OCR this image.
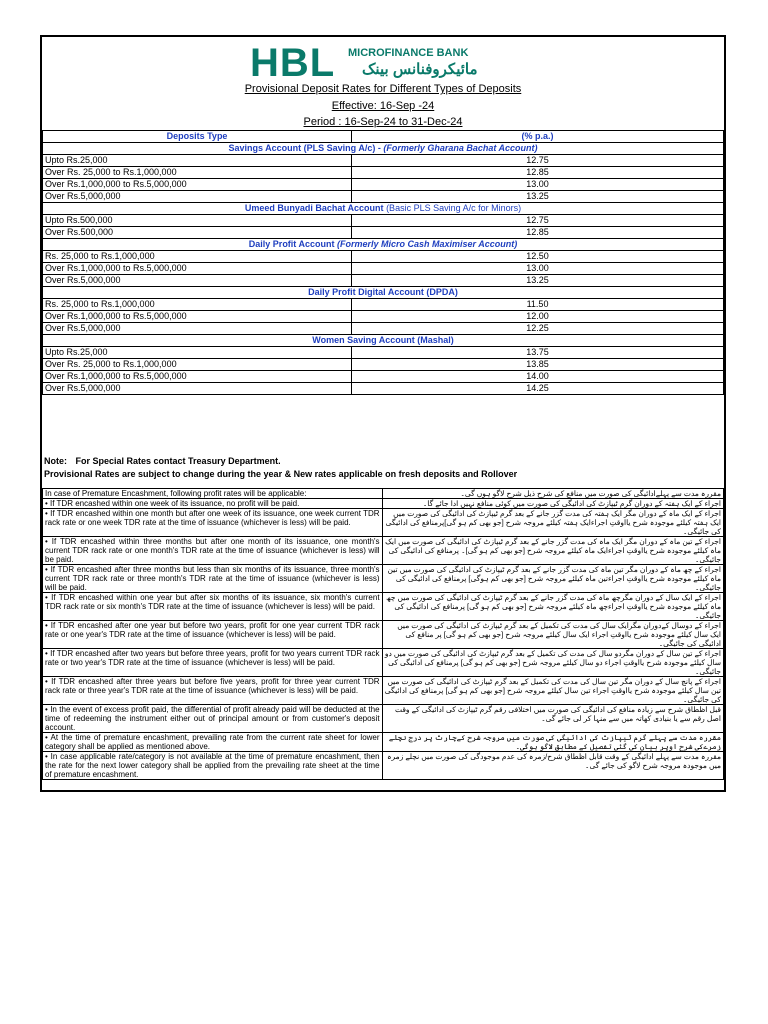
HBL MICROFINANCE BANK
مائیکروفنانس بینک
Provisional Deposit Rates for Different Types of Deposits
Effective: 16-Sep -24
Period : 16-Sep-24 to 31-Dec-24
Deposits Type	(% p.a.)
Savings Account (PLS Saving A/c) - (Formerly Gharana Bachat Account)	
Upto Rs.25,000	12.75
Over Rs. 25,000 to Rs.1,000,000	12.85
Over Rs.1,000,000 to Rs.5,000,000	13.00
Over Rs.5,000,000	13.25
Umeed Bunyadi Bachat Account (Basic PLS Saving A/c for Minors)	
Upto Rs.500,000	12.75
Over Rs.500,000	12.85
Daily Profit Account (Formerly Micro Cash Maximiser Account)	
Rs. 25,000 to Rs.1,000,000	12.50
Over Rs.1,000,000 to Rs.5,000,000	13.00
Over Rs.5,000,000	13.25
Daily Profit Digital Account (DPDA)	
Rs. 25,000 to Rs.1,000,000	11.50
Over Rs.1,000,000 to Rs.5,000,000	12.00
Over Rs.5,000,000	12.25
Women Saving Account (Mashal)	
Upto Rs.25,000	13.75
Over Rs. 25,000 to Rs.1,000,000	13.85
Over Rs.1,000,000 to Rs.5,000,000	14.00
Over Rs.5,000,000	14.25
Note: For Special Rates contact Treasury Department.
Provisional Rates are subject to change during the year & New rates applicable on fresh deposits and Rollover
In case of Premature Encashment, following profit rates will be applicable:	مقررہ مدت سے پہلےادائیگی کی صورت میں منافع کی شرح ذیل شرح لاگو ہوں گی۔
• If TDR encashed within one week of its issuance, no profit will be paid.	اجراء کے ایک ہفتہ کے دوران گرم ٹیپازٹ کی ادائیگی کی صورت میں کوئی منافع نہیں ادا جائے گا۔
• If TDR encashed within one month but after one week of its issuance, one week current TDR rack rate or one week TDR rate at the time of issuance (whichever is less) will be paid.	اجراء کے ایک ماہ کے دوران مگر ایک ہفتہ کی مدت گزر جانے کے بعد گرم ٹیپازٹ کی ادائیگی کی صورت میں ایک ہفتہ کیلئے موجودہ شرح یااوقتِ اجراءایک ہفتہ کیلئے مروجہ شرح [جو بھی کم ہو گی]پرمنافع کی ادائیگی کی جائیگی۔
• If TDR encashed within three months but after one month of its issuance, one month's current TDR rack rate or one month's TDR rate at the time of issuance (whichever is less) will be paid.	اجراء کے تین ماہ کے دوران مگر ایک ماہ کی مدت گزر جانے کے بعد گرم ٹیپازٹ کی ادائیگی کی صورت میں ایک ماہ کیلئے موجودہ شرح یااوقتِ اجراءایک ماہ کیلئے مروجہ شرح [جو بھی کم ہو گی]۔ پرمنافع کی ادائیگی کی جائیگی۔
• If TDR encashed after three months but less than six months of its issuance, three month's current TDR rack rate or three month's TDR rate at the time of issuance (whichever is less) will be paid.	اجراء کے چھ ماہ کے دوران مگر تین ماہ کی مدت گزر جانے کے بعد گرم ٹیپازٹ کی ادائیگی کی صورت میں تین ماہ کیلئے موجودہ شرح یااوقتِ اجراءتین ماہ کیلئے مروجہ شرح [جو بھی کم ہوگی] پرمنافع کی ادائیگی کی جائیگی۔
• If TDR encashed within one year but after six months of its issuance, six month's current TDR rack rate or six month's TDR rate at the time of issuance (whichever is less) will be paid.	اجراء کے ایک سال کے دوران مگرچھ ماہ کی مدت گزر جانے کے بعد گرم ٹیپازٹ کی ادائیگی کی صورت میں چھ ماہ کیلئے موجودہ شرح یااوقتِ اجراءچھ ماہ کیلئے مروجہ شرح [جو بھی کم ہو گی] پرمنافع کی ادائیگی کی جائیگی۔
• If TDR encashed after one year but before two years, profit for one year current TDR rack rate or one year's TDR rate at the time of issuance (whichever is less) will be paid.	اجراء کے دوسال کےدوران مگرایک سال کی مدت کی تکمیل کے بعد گرم ٹیپازٹ کی ادائیگی کی صورت میں ایک سال کیلئے موجودہ شرح یااوقتِ اجراء ایک سال کیلئے مروجہ شرح [جو بھی کم ہو گی] پر منافع کی ادائیگی کی جائیگی۔
• If TDR encashed after two years but before three years, profit for two years current TDR rack rate or two year's TDR rate at the time of issuance (whichever is less) will be paid.	اجراء کے تین سال کے دوران مگردو سال کی مدت کی تکمیل کے بعد گرم ٹیپازٹ کی ادائیگی کی صورت میں دو سال کیلئے موجودہ شرح یااوقتِ اجراء دو سال کیلئے مروجہ شرح [جو بھی کم ہو گی] پرمنافع کی ادائیگی کی جائیگی۔
• If TDR encashed after three years but before five years, profit for three year current TDR rack rate or three year's TDR rate at the time of issuance (whichever is less) will be paid.	اجراء کے پانچ سال کے دوران مگر تین سال کی مدت کی تکمیل کے بعد گرم ٹیپازٹ کی ادائیگی کی صورت میں تین سال کیلئے موجودہ شرح یااوقتِ اجراء تین سال کیلئے مروجہ شرح [جو بھی کم ہو گی] پرمنافع کی ادائیگی کی جائیگی۔
• In the event of excess profit paid, the differential of profit already paid will be deducted at the time of redeeming the instrument either out of principal amount or from customer's deposit account.	قبل اظطاق شرح سے زیادہ منافع کی ادائیگی کی صورت میں اختلافی رقم گرم ٹیپازٹ کی ادائیگی کے وقت اصل رقم سے یا بنیادی کھاتہ میں سے منہا کر لی جائے گی۔
• At the time of premature encashment, prevailing rate from the current rate sheet for lower category shall be applied as mentioned above.	مقررہ مدت سے پہلے گرم ٹیپازٹ کی ادائیگی کی صورت میں مروجہ شرح کےچارٹ پر درج نچلے زمرےکی شرح اوپر بیان کی گئی تفصیل کے مطابق لاگو ہوگی۔
• In case applicable rate/category is not available at the time of premature encashment, then the rate for the next lower category shall be applied from the prevailing rate sheet at the time of premature encashment.	مقررہ مدت سے پہلے ادائیگی کے وقت قابل اظطاق شرح/زمرہ کی عدم موجودگی کی صورت میں نچلے زمرہ میں موجودہ مروجہ شرح لاگو کی جائے گی۔
